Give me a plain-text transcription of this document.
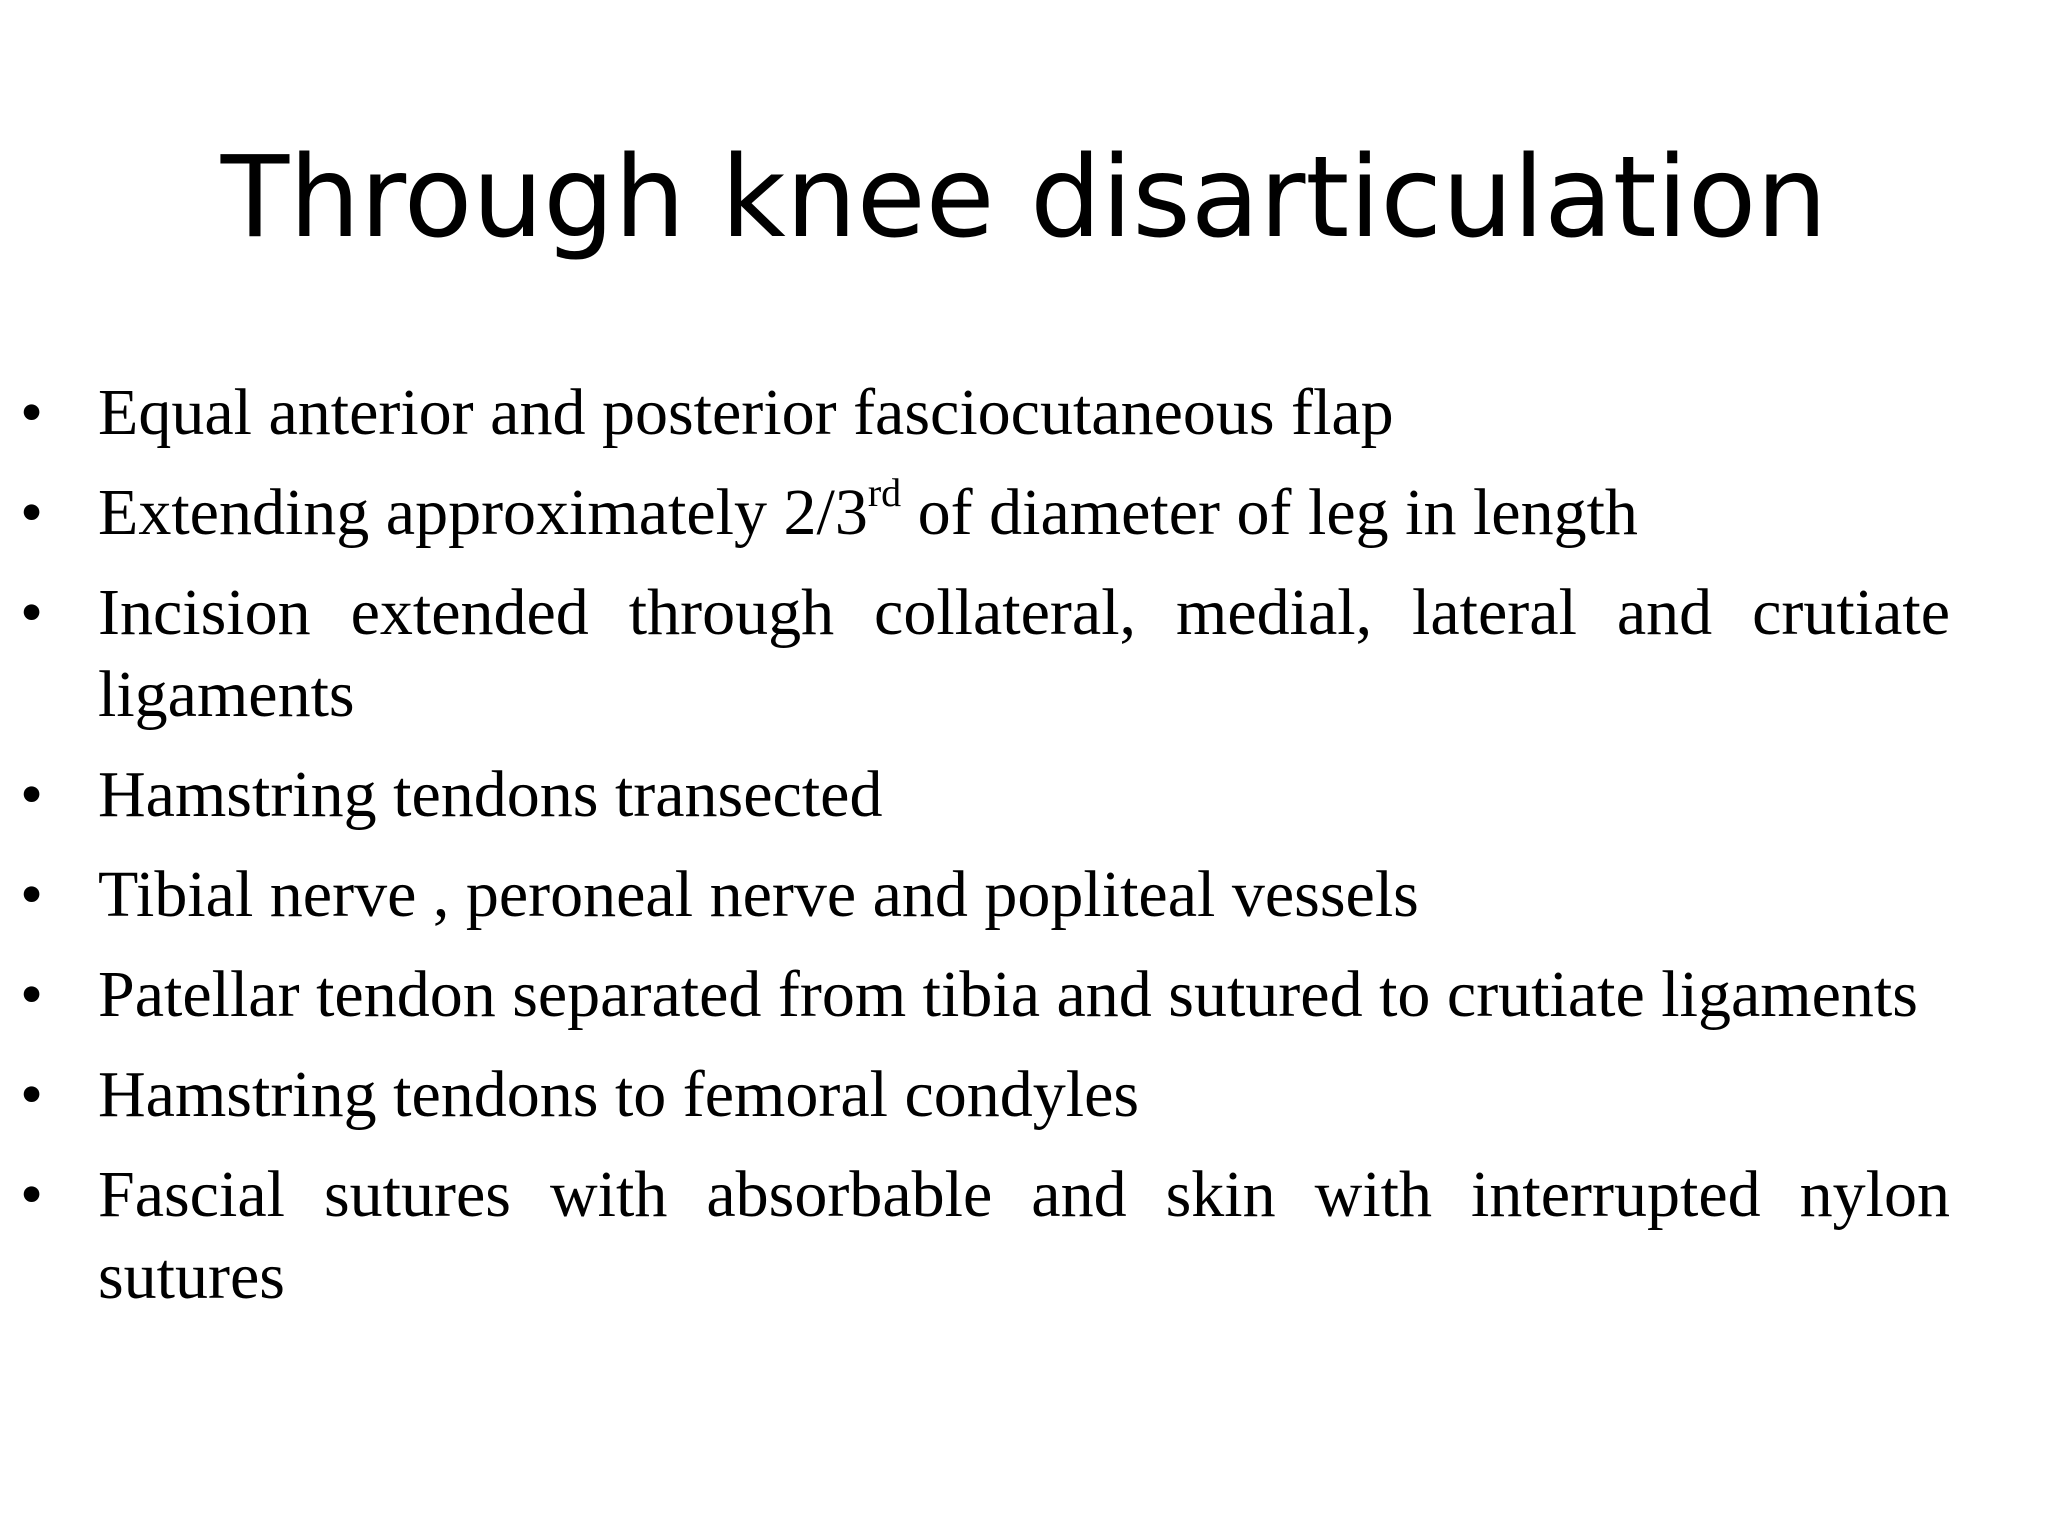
Through knee disarticulation
• Equal anterior and posterior fasciocutaneous flap
• Extending approximately 2/3rd of diameter of leg in length
• Incision extended through collateral, medial, lateral and crutiate ligaments
• Hamstring tendons transected
• Tibial nerve , peroneal nerve and popliteal vessels
• Patellar tendon separated from tibia and sutured to crutiate ligaments
• Hamstring tendons to femoral condyles
• Fascial sutures with absorbable and skin with interrupted nylon sutures
